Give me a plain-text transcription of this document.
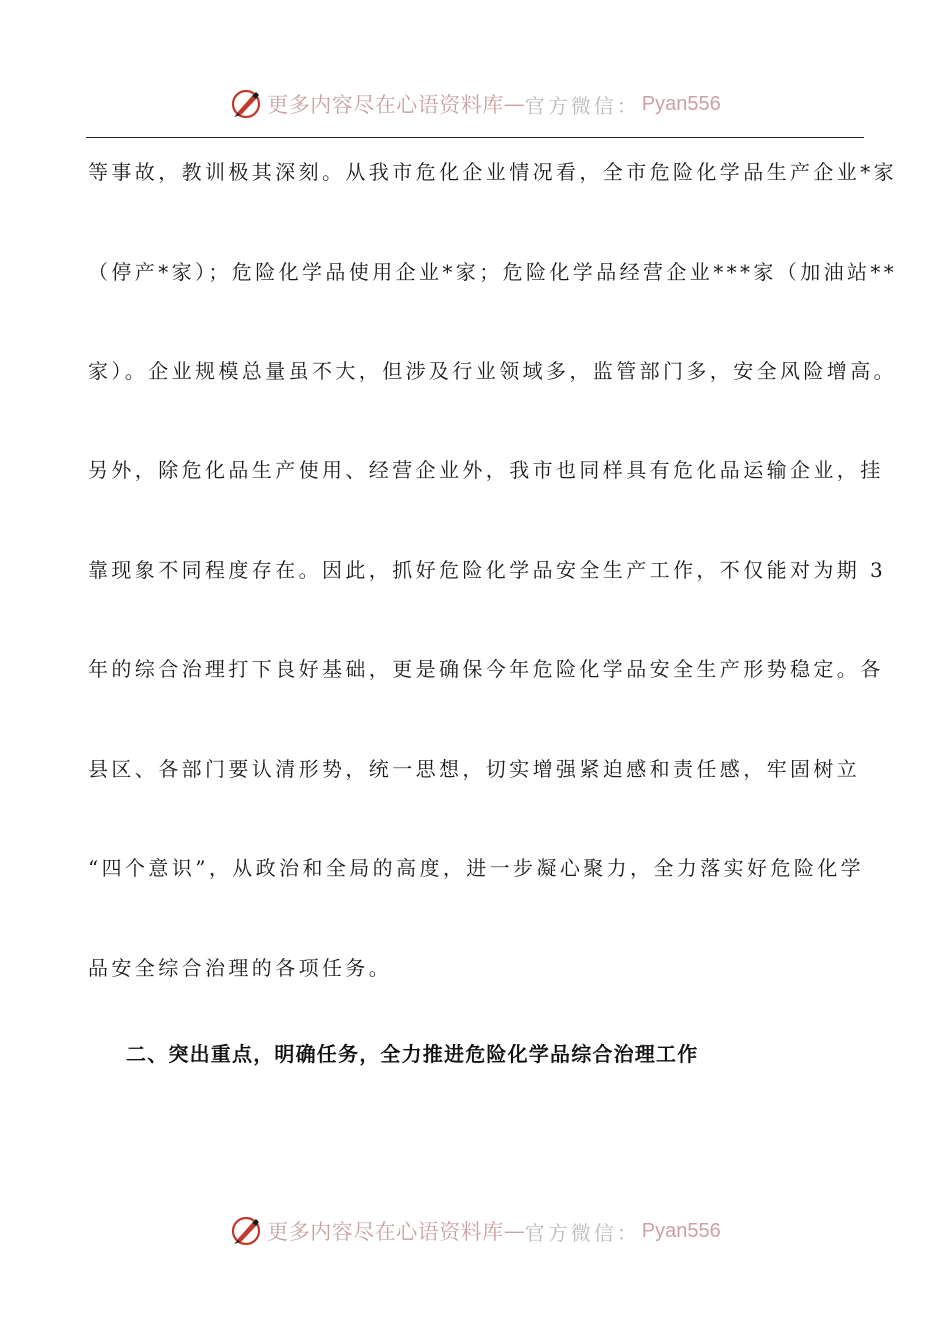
更多内容尽在心语资料库 — 官方微信： Pyan556
等事故，教训极其深刻。从我市危化企业情况看，全市危险化学品生产企业*家
（停产*家）；危险化学品使用企业*家；危险化学品经营企业***家（加油站**
家）。企业规模总量虽不大，但涉及行业领域多，监管部门多，安全风险增高。
另外，除危化品生产使用、经营企业外，我市也同样具有危化品运输企业，挂
靠现象不同程度存在。因此，抓好危险化学品安全生产工作，不仅能对为期 3
年的综合治理打下良好基础，更是确保今年危险化学品安全生产形势稳定。各
县区、各部门要认清形势，统一思想，切实增强紧迫感和责任感，牢固树立
“四个意识”，从政治和全局的高度，进一步凝心聚力，全力落实好危险化学
品安全综合治理的各项任务。
二、突出重点，明确任务，全力推进危险化学品综合治理工作
更多内容尽在心语资料库 — 官方微信： Pyan556
